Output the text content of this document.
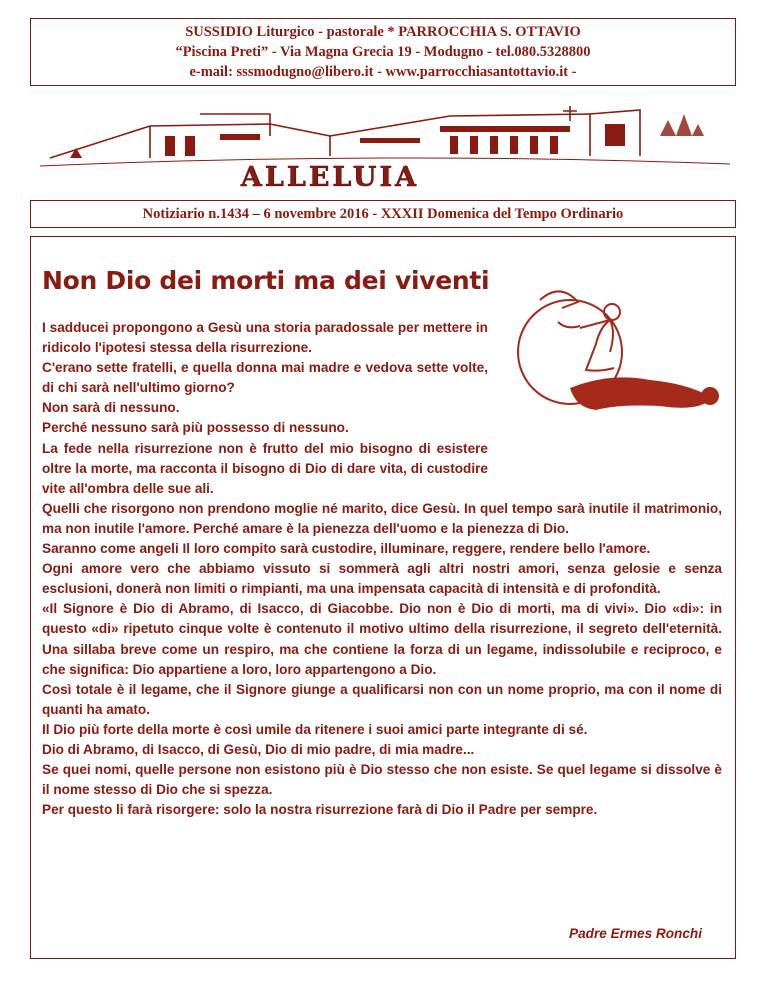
SUSSIDIO Liturgico - pastorale * PARROCCHIA S. OTTAVIO
“Piscina Preti” - Via Magna Grecia 19 - Modugno - tel.080.5328800
e-mail: sssmodugno@libero.it - www.parrocchiasantottavio.it -
ALLELUIA
Notiziario n.1434 – 6 novembre 2016 - XXXII Domenica del Tempo Ordinario
Non Dio dei morti ma dei viventi

I sadducei propongono a Gesù una storia paradossale per mettere in ridicolo l'ipotesi stessa della risurrezione.

C'erano sette fratelli, e quella donna mai madre e vedova sette volte, di chi sarà nell'ultimo giorno?

Non sarà di nessuno.

Perché nessuno sarà più possesso di nessuno.

La fede nella risurrezione non è frutto del mio bisogno di esistere oltre la morte, ma racconta il bisogno di Dio di dare vita, di custodire vite all'ombra delle sue ali.

Quelli che risorgono non prendono moglie né marito, dice Gesù. In quel tempo sarà inutile il matrimonio, ma non inutile l'amore. Perché amare è la pienezza dell'uomo e la pienezza di Dio.

Saranno come angeli Il loro compito sarà custodire, illuminare, reggere, rendere bello l'amore.

Ogni amore vero che abbiamo vissuto si sommerà agli altri nostri amori, senza gelosie e senza esclusioni, donerà non limiti o rimpianti, ma una impensata capacità di intensità e di profondità.

«Il Signore è Dio di Abramo, di Isacco, di Giacobbe. Dio non è Dio di morti, ma di vivi». Dio «di»: in questo «di» ripetuto cinque volte è contenuto il motivo ultimo della risurrezione, il segreto dell'eternità. Una sillaba breve come un respiro, ma che contiene la forza di un legame, indissolubile e reciproco, e che significa: Dio appartiene a loro, loro appartengono a Dio.

Così totale è il legame, che il Signore giunge a qualificarsi non con un nome proprio, ma con il nome di quanti ha amato.

Il Dio più forte della morte è così umile da ritenere i suoi amici parte integrante di sé.

Dio di Abramo, di Isacco, di Gesù, Dio di mio padre, di mia madre...

Se quei nomi, quelle persone non esistono più è Dio stesso che non esiste. Se quel legame si dissolve è il nome stesso di Dio che si spezza.

Per questo li farà risorgere: solo la nostra risurrezione farà di Dio il Padre per sempre.

Padre Ermes Ronchi
